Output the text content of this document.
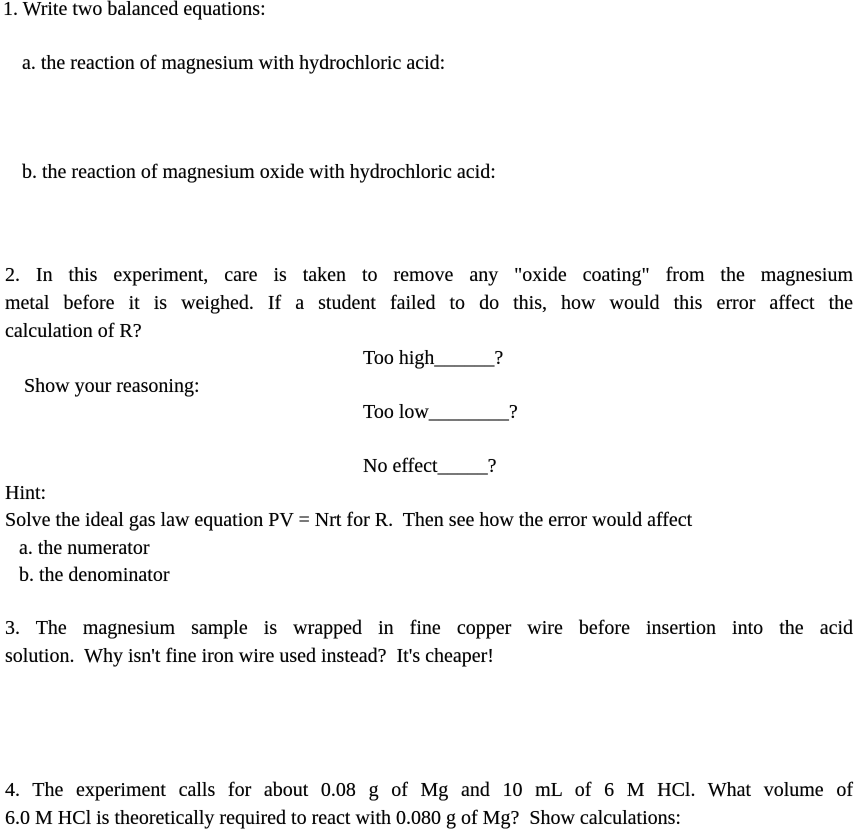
1. Write two balanced equations:
a. the reaction of magnesium with hydrochloric acid:
b. the reaction of magnesium oxide with hydrochloric acid:
2. In this experiment, care is taken to remove any "oxide coating" from the magnesium
metal before it is weighed. If a student failed to do this, how would this error affect the
calculation of R?
Too high______?
Show your reasoning:
Too low________?
No effect_____?
Hint:
Solve the ideal gas law equation PV = Nrt for R.  Then see how the error would affect
a. the numerator
b. the denominator
3. The magnesium sample is wrapped in fine copper wire before insertion into the acid
solution.  Why isn't fine iron wire used instead?  It's cheaper!
4. The experiment calls for about 0.08 g of Mg and 10 mL of 6 M HCl. What volume of
6.0 M HCl is theoretically required to react with 0.080 g of Mg?  Show calculations:
